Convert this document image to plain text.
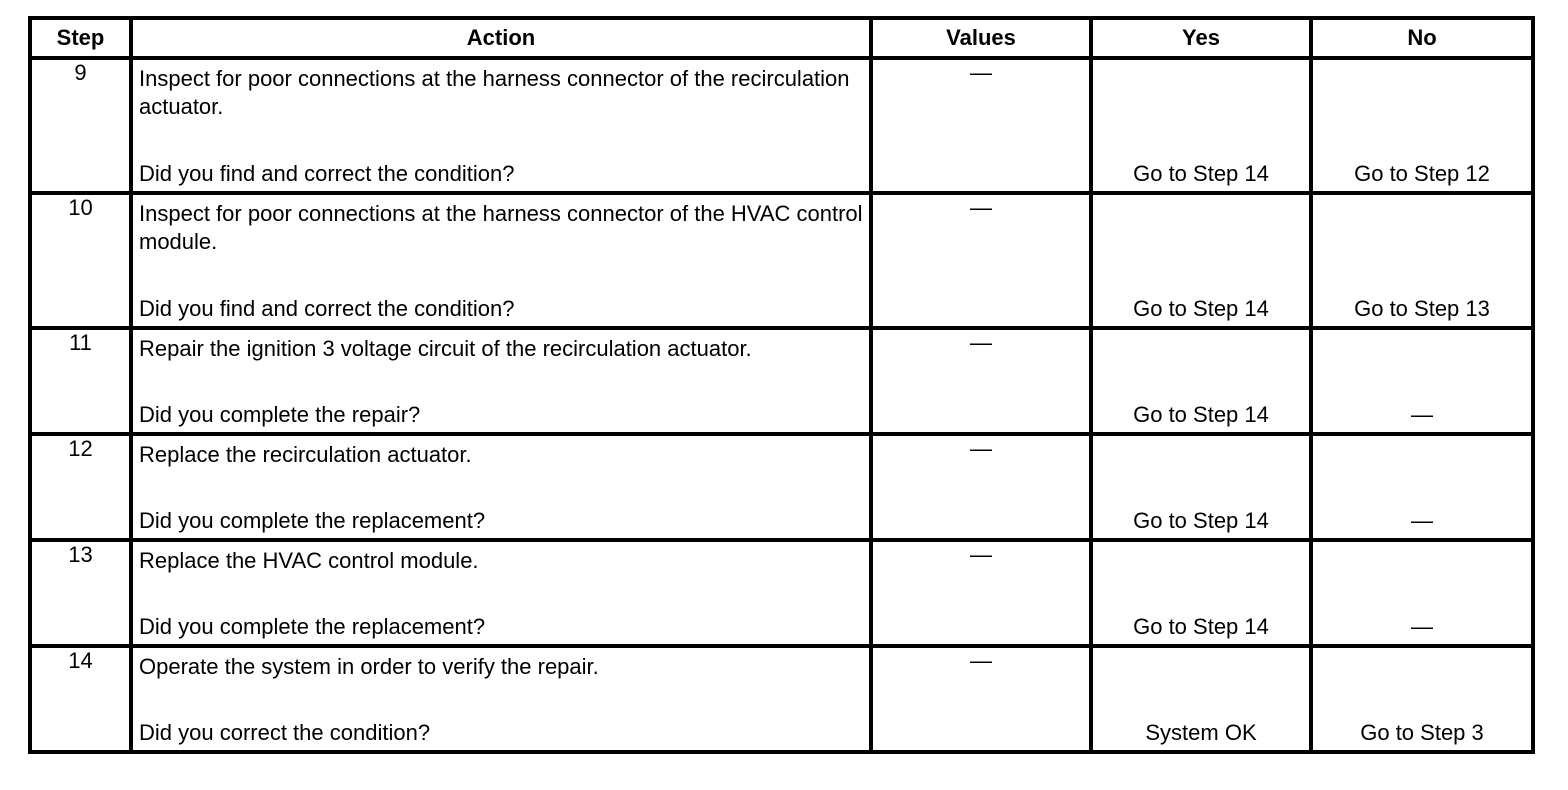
Step	Action	Values	Yes	No
9	Inspect for poor connections at the harness connector of the recirculation actuator.
Did you find and correct the condition?	—	Go to Step 14	Go to Step 12

10	Inspect for poor connections at the harness connector of the HVAC control module.
Did you find and correct the condition?	—	Go to Step 14	Go to Step 13

11	Repair the ignition 3 voltage circuit of the recirculation actuator.
Did you complete the repair?	—	Go to Step 14	—

12	Replace the recirculation actuator.
Did you complete the replacement?	—	Go to Step 14	—

13	Replace the HVAC control module.
Did you complete the replacement?	—	Go to Step 14	—

14	Operate the system in order to verify the repair.
Did you correct the condition?	—	System OK	Go to Step 3
